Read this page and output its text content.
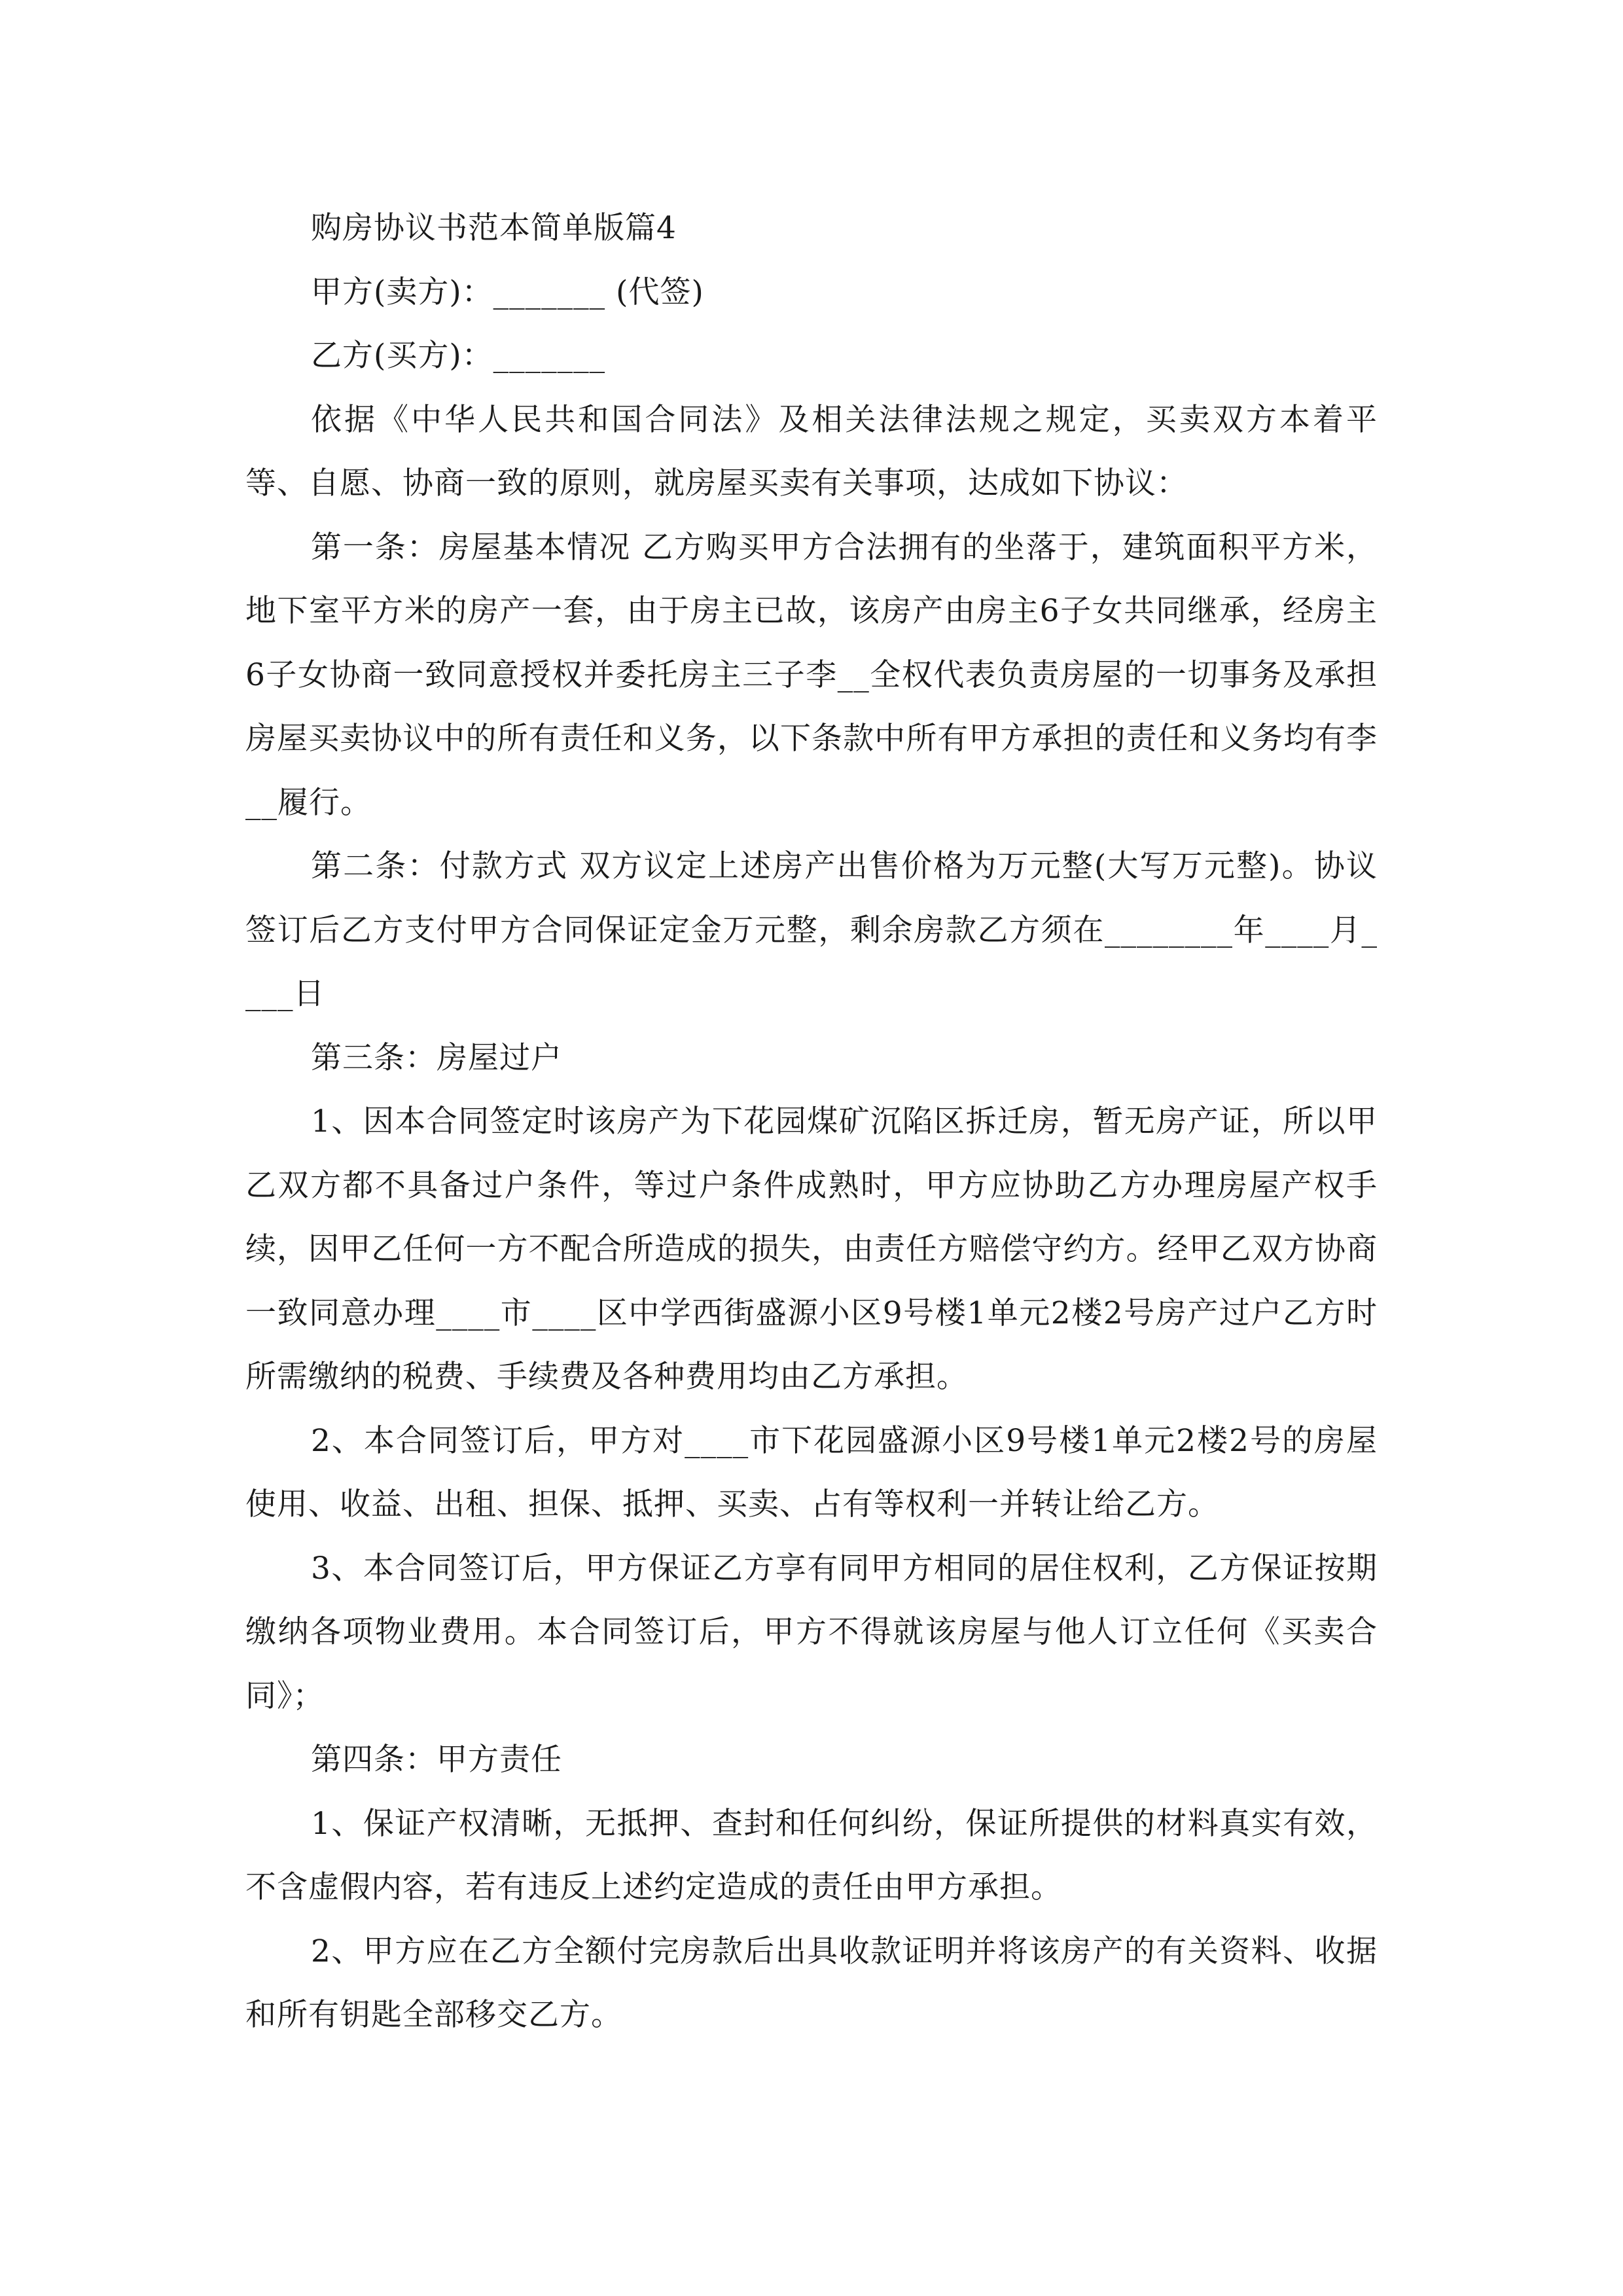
购房协议书范本简单版篇4

甲方(卖方)：_______ (代签)

乙方(买方)：_______

依据《中华人民共和国合同法》及相关法律法规之规定，买卖双方本着平等、自愿、协商一致的原则，就房屋买卖有关事项，达成如下协议：

第一条：房屋基本情况 乙方购买甲方合法拥有的坐落于，建筑面积平方米，地下室平方米的房产一套，由于房主已故，该房产由房主6子女共同继承，经房主6子女协商一致同意授权并委托房主三子李__全权代表负责房屋的一切事务及承担房屋买卖协议中的所有责任和义务，以下条款中所有甲方承担的责任和义务均有李__履行。

第二条：付款方式 双方议定上述房产出售价格为万元整(大写万元整)。协议签订后乙方支付甲方合同保证定金万元整，剩余房款乙方须在________年____月____日

第三条：房屋过户

1、因本合同签定时该房产为下花园煤矿沉陷区拆迁房，暂无房产证，所以甲乙双方都不具备过户条件，等过户条件成熟时，甲方应协助乙方办理房屋产权手续，因甲乙任何一方不配合所造成的损失，由责任方赔偿守约方。经甲乙双方协商一致同意办理____市____区中学西街盛源小区9号楼1单元2楼2号房产过户乙方时所需缴纳的税费、手续费及各种费用均由乙方承担。

2、本合同签订后，甲方对____市下花园盛源小区9号楼1单元2楼2号的房屋使用、收益、出租、担保、抵押、买卖、占有等权利一并转让给乙方。

3、本合同签订后，甲方保证乙方享有同甲方相同的居住权利，乙方保证按期缴纳各项物业费用。本合同签订后，甲方不得就该房屋与他人订立任何《买卖合同》；

第四条：甲方责任

1、保证产权清晰，无抵押、查封和任何纠纷，保证所提供的材料真实有效，不含虚假内容，若有违反上述约定造成的责任由甲方承担。

2、甲方应在乙方全额付完房款后出具收款证明并将该房产的有关资料、收据和所有钥匙全部移交乙方。
